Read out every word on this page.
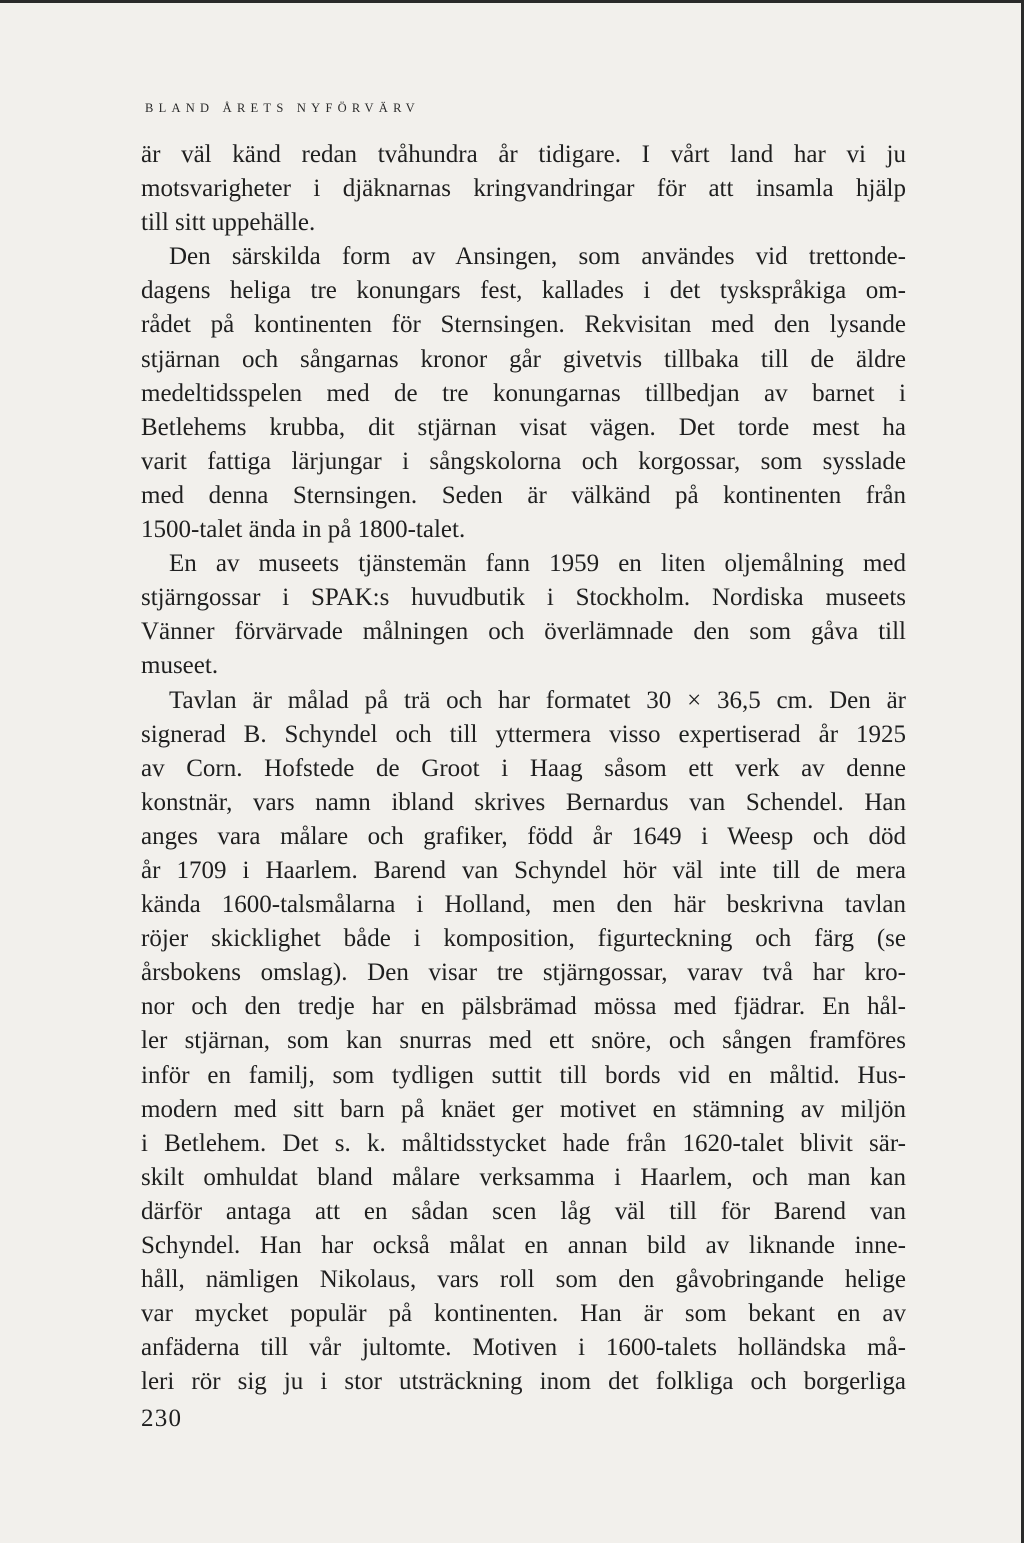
BLAND ÅRETS NYFÖRVÄRV
är väl känd redan tvåhundra år tidigare. I vårt land har vi ju
motsvarigheter i djäknarnas kringvandringar för att insamla hjälp
till sitt uppehälle.
Den särskilda form av Ansingen, som användes vid trettonde-
dagens heliga tre konungars fest, kallades i det tyskspråkiga om-
rådet på kontinenten för Sternsingen. Rekvisitan med den lysande
stjärnan och sångarnas kronor går givetvis tillbaka till de äldre
medeltidsspelen med de tre konungarnas tillbedjan av barnet i
Betlehems krubba, dit stjärnan visat vägen. Det torde mest ha
varit fattiga lärjungar i sångskolorna och korgossar, som sysslade
med denna Sternsingen. Seden är välkänd på kontinenten från
1500-talet ända in på 1800-talet.
En av museets tjänstemän fann 1959 en liten oljemålning med
stjärngossar i SPAK:s huvudbutik i Stockholm. Nordiska museets
Vänner förvärvade målningen och överlämnade den som gåva till
museet.
Tavlan är målad på trä och har formatet 30 × 36,5 cm. Den är
signerad B. Schyndel och till yttermera visso expertiserad år 1925
av Corn. Hofstede de Groot i Haag såsom ett verk av denne
konstnär, vars namn ibland skrives Bernardus van Schendel. Han
anges vara målare och grafiker, född år 1649 i Weesp och död
år 1709 i Haarlem. Barend van Schyndel hör väl inte till de mera
kända 1600-talsmålarna i Holland, men den här beskrivna tavlan
röjer skicklighet både i komposition, figurteckning och färg (se
årsbokens omslag). Den visar tre stjärngossar, varav två har kro-
nor och den tredje har en pälsbrämad mössa med fjädrar. En hål-
ler stjärnan, som kan snurras med ett snöre, och sången framföres
inför en familj, som tydligen suttit till bords vid en måltid. Hus-
modern med sitt barn på knäet ger motivet en stämning av miljön
i Betlehem. Det s. k. måltidsstycket hade från 1620-talet blivit sär-
skilt omhuldat bland målare verksamma i Haarlem, och man kan
därför antaga att en sådan scen låg väl till för Barend van
Schyndel. Han har också målat en annan bild av liknande inne-
håll, nämligen Nikolaus, vars roll som den gåvobringande helige
var mycket populär på kontinenten. Han är som bekant en av
anfäderna till vår jultomte. Motiven i 1600-talets holländska må-
leri rör sig ju i stor utsträckning inom det folkliga och borgerliga
230
